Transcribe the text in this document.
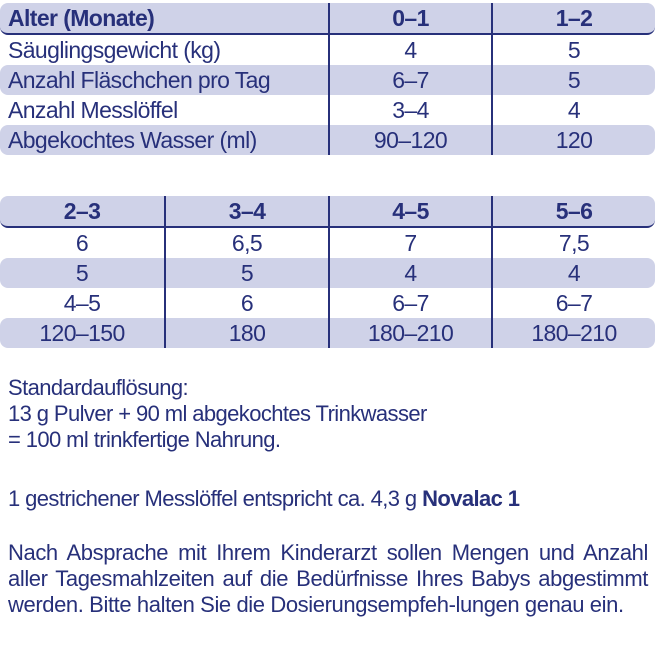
Alter (Monate)	0–1	1–2
Säuglingsgewicht (kg)	4	5
Anzahl Fläschchen pro Tag	6–7	5
Anzahl Messlöffel	3–4	4
Abgekochtes Wasser (ml)	90–120	120
2–3	3–4	4–5	5–6
6	6,5	7	7,5
5	5	4	4
4–5	6	6–7	6–7
120–150	180	180–210	180–210

Standardauflösung:
13 g Pulver + 90 ml abgekochtes Trinkwasser
= 100 ml trinkfertige Nahrung.

1 gestrichener Messlöffel entspricht ca. 4,3 g Novalac 1

Nach Absprache mit Ihrem Kinderarzt sollen Mengen und Anzahl aller Tagesmahlzeiten auf die Bedürfnisse Ihres Babys abgestimmt werden. Bitte halten Sie die Dosierungsempfeh-lungen genau ein.
